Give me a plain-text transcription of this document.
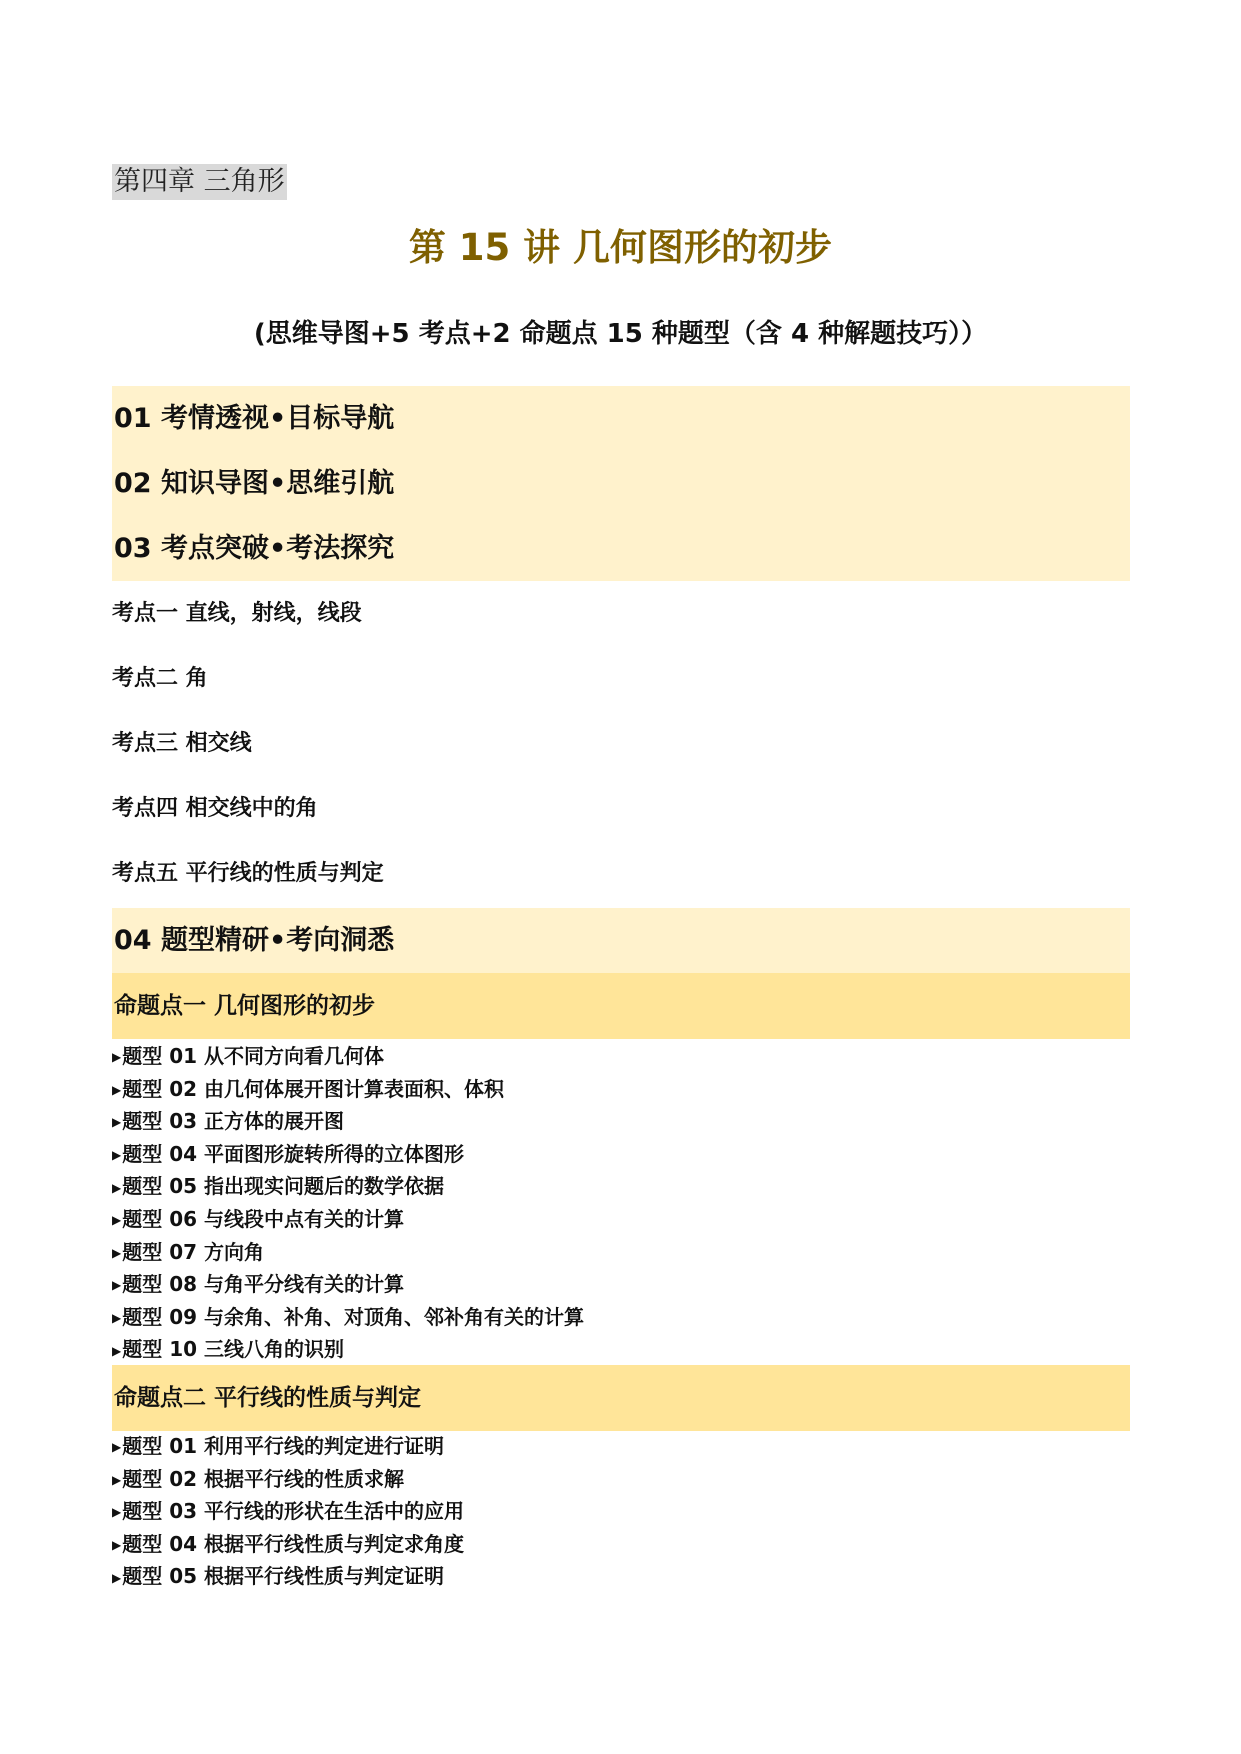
第四章 三角形
第 15 讲 几何图形的初步
(思维导图+5 考点+2 命题点 15 种题型（含 4 种解题技巧））
01 考情透视•目标导航
02 知识导图•思维引航
03 考点突破•考法探究
考点一 直线，射线，线段
考点二 角
考点三 相交线
考点四 相交线中的角
考点五 平行线的性质与判定
04 题型精研•考向洞悉
命题点一 几何图形的初步
▶题型 01 从不同方向看几何体
▶题型 02 由几何体展开图计算表面积、体积
▶题型 03 正方体的展开图
▶题型 04 平面图形旋转所得的立体图形
▶题型 05 指出现实问题后的数学依据
▶题型 06 与线段中点有关的计算
▶题型 07 方向角
▶题型 08 与角平分线有关的计算
▶题型 09 与余角、补角、对顶角、邻补角有关的计算
▶题型 10 三线八角的识别
命题点二 平行线的性质与判定
▶题型 01 利用平行线的判定进行证明
▶题型 02 根据平行线的性质求解
▶题型 03 平行线的形状在生活中的应用
▶题型 04 根据平行线性质与判定求角度
▶题型 05 根据平行线性质与判定证明
